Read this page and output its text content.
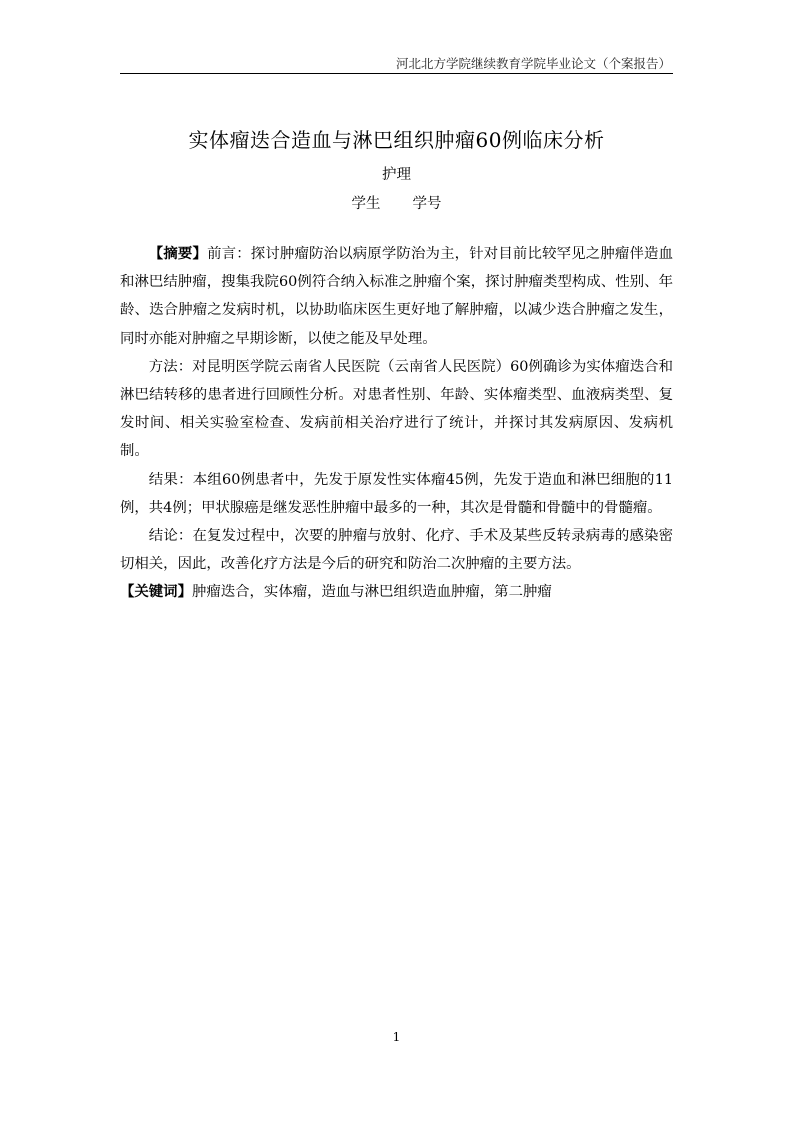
河北北方学院继续教育学院毕业论文（个案报告）
实体瘤迭合造血与淋巴组织肿瘤60例临床分析
护理
学生 学号

【摘要】前言：探讨肿瘤防治以病原学防治为主，针对目前比较罕见之肿瘤伴造血和淋巴结肿瘤，搜集我院60例符合纳入标准之肿瘤个案，探讨肿瘤类型构成、性别、年龄、迭合肿瘤之发病时机，以协助临床医生更好地了解肿瘤，以减少迭合肿瘤之发生，同时亦能对肿瘤之早期诊断，以使之能及早处理。

方法：对昆明医学院云南省人民医院（云南省人民医院）60例确诊为实体瘤迭合和淋巴结转移的患者进行回顾性分析。对患者性别、年龄、实体瘤类型、血液病类型、复发时间、相关实验室检查、发病前相关治疗进行了统计，并探讨其发病原因、发病机制。

结果：本组60例患者中，先发于原发性实体瘤45例，先发于造血和淋巴细胞的11例，共4例；甲状腺癌是继发恶性肿瘤中最多的一种，其次是骨髓和骨髓中的骨髓瘤。

结论：在复发过程中，次要的肿瘤与放射、化疗、手术及某些反转录病毒的感染密切相关，因此，改善化疗方法是今后的研究和防治二次肿瘤的主要方法。

【关键词】肿瘤迭合，实体瘤，造血与淋巴组织造血肿瘤，第二肿瘤

1
